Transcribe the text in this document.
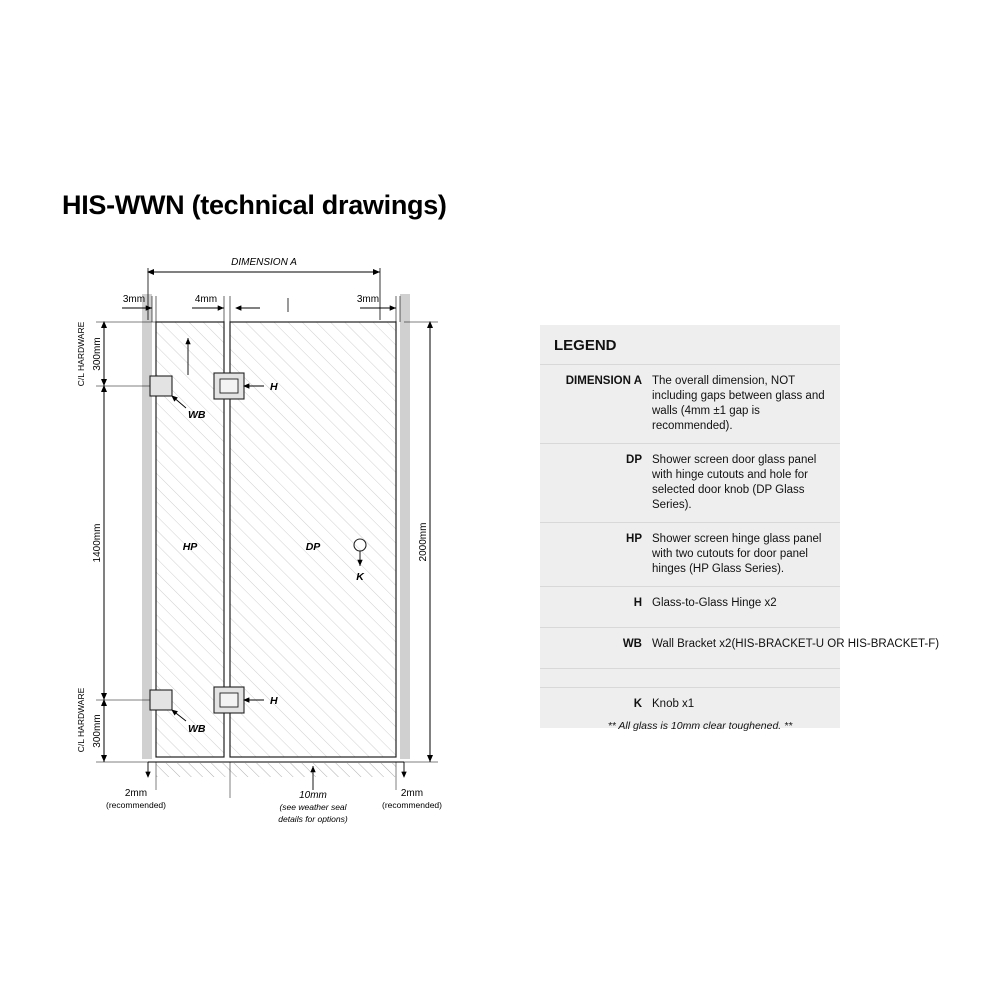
HIS-WWN (technical drawings)
DIMENSION A
3mm	4mm	3mm
2000mm
300mm
C/L HARDWARE
1400mm
300mm
C/L HARDWARE
H
WB
H
WB
HP	DP
K
2mm
(recommended)
10mm
(see weather seal
details for options)
2mm
(recommended)
LEGEND
DIMENSION A The overall dimension, NOT including gaps between glass and walls (4mm ±1 gap is recommended).
DP Shower screen door glass panel with hinge cutouts and hole for selected door knob (DP Glass Series).
HP Shower screen hinge glass panel with two cutouts for door panel hinges (HP Glass Series).
H Glass-to-Glass Hinge x2
WB Wall Bracket x2(HIS-BRACKET-U OR HIS-BRACKET-F)
K Knob x1
** All glass is 10mm clear toughened. **
